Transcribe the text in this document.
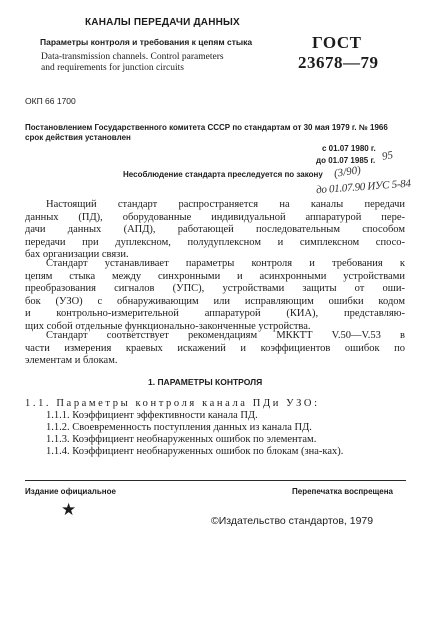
КАНАЛЫ ПЕРЕДАЧИ ДАННЫХ
Параметры контроля и требования к цепям стыка
Data-transmission channels. Control parameters
and requirements for junction circuits
ГОСТ
23678—79
ОКП 66 1700
Постановлением Государственного комитета СССР по стандартам от 30 мая 1979 г. № 1966 срок действия установлен
с 01.07 1980 г.
до 01.07 1985 г. 95
(3/90)
до 01.07.90 ИУС 5-84
Несоблюдение стандарта преследуется по закону
Настоящий стандарт распространяется на каналы передачи
данных (ПД), оборудованные индивидуальной аппаратурой пере-
дачи данных (АПД), работающей последовательным способом
передачи при дуплексном, полудуплексном и симплексном спосо-
бах организации связи.
Стандарт устанавливает параметры контроля и требования к
цепям стыка между синхронными и асинхронными устройствами
преобразования сигналов (УПС), устройствами защиты от оши-
бок (УЗО) с обнаруживающим или исправляющим ошибки кодом
и контрольно-измерительной аппаратурой (КИА), представляю-
щих собой отдельные функционально-законченные устройства.
Стандарт соответствует рекомендациям МККТТ V.50—V.53 в
части измерения краевых искажений и коэффициентов ошибок по
элементам и блокам.
1. ПАРАМЕТРЫ КОНТРОЛЯ
1.1. Параметры контроля канала ПДи УЗО:
1.1.1. Коэффициент эффективности канала ПД.
1.1.2. Своевременность поступления данных из канала ПД.
1.1.3. Коэффициент необнаруженных ошибок по элементам.
1.1.4. Коэффициент необнаруженных ошибок по блокам (зна-ках).
Издание официальное	Перепечатка воспрещена
★
©Издательство стандартов, 1979
